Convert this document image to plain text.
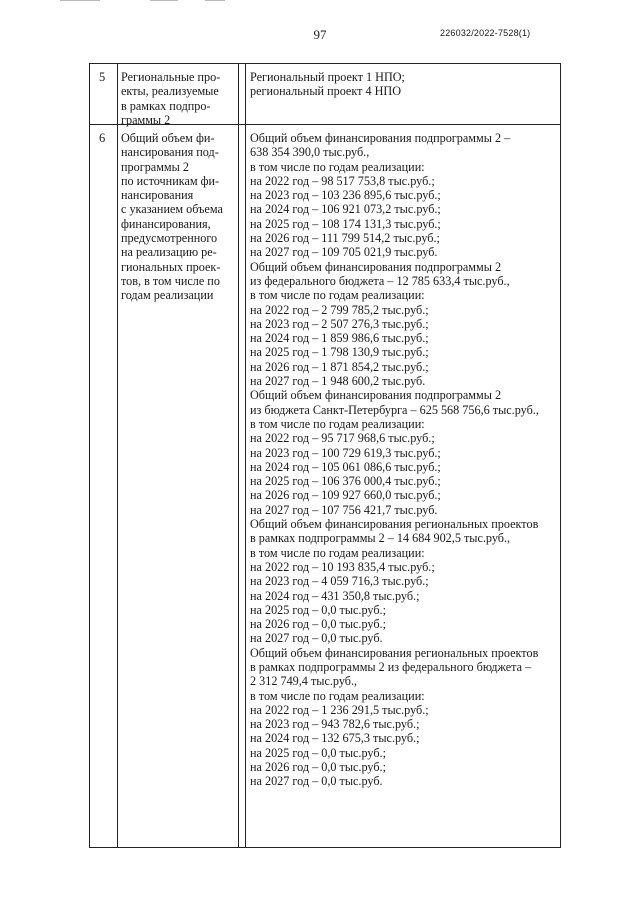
97	226032/2022-7528(1)
5 Региональные про-
екты, реализуемые
в рамках подпро-
граммы 2
Региональный проект 1 НПО;
региональный проект 4 НПО
6 Общий объем фи-
нансирования под-
программы 2
по источникам фи-
нансирования
с указанием объема
финансирования,
предусмотренного
на реализацию ре-
гиональных проек-
тов, в том числе по
годам реализации
Общий объем финансирования подпрограммы 2 –
638 354 390,0 тыс.руб.,
в том числе по годам реализации:
на 2022 год – 98 517 753,8 тыс.руб.;
на 2023 год – 103 236 895,6 тыс.руб.;
на 2024 год – 106 921 073,2 тыс.руб.;
на 2025 год – 108 174 131,3 тыс.руб.;
на 2026 год – 111 799 514,2 тыс.руб.;
на 2027 год – 109 705 021,9 тыс.руб.
Общий объем финансирования подпрограммы 2
из федерального бюджета – 12 785 633,4 тыс.руб.,
в том числе по годам реализации:
на 2022 год – 2 799 785,2 тыс.руб.;
на 2023 год – 2 507 276,3 тыс.руб.;
на 2024 год – 1 859 986,6 тыс.руб.;
на 2025 год – 1 798 130,9 тыс.руб.;
на 2026 год – 1 871 854,2 тыс.руб.;
на 2027 год – 1 948 600,2 тыс.руб.
Общий объем финансирования подпрограммы 2
из бюджета Санкт-Петербурга – 625 568 756,6 тыс.руб.,
в том числе по годам реализации:
на 2022 год – 95 717 968,6 тыс.руб.;
на 2023 год – 100 729 619,3 тыс.руб.;
на 2024 год – 105 061 086,6 тыс.руб.;
на 2025 год – 106 376 000,4 тыс.руб.;
на 2026 год – 109 927 660,0 тыс.руб.;
на 2027 год – 107 756 421,7 тыс.руб.
Общий объем финансирования региональных проектов
в рамках подпрограммы 2 – 14 684 902,5 тыс.руб.,
в том числе по годам реализации:
на 2022 год – 10 193 835,4 тыс.руб.;
на 2023 год – 4 059 716,3 тыс.руб.;
на 2024 год – 431 350,8 тыс.руб.;
на 2025 год – 0,0 тыс.руб.;
на 2026 год – 0,0 тыс.руб.;
на 2027 год – 0,0 тыс.руб.
Общий объем финансирования региональных проектов
в рамках подпрограммы 2 из федерального бюджета –
2 312 749,4 тыс.руб.,
в том числе по годам реализации:
на 2022 год – 1 236 291,5 тыс.руб.;
на 2023 год – 943 782,6 тыс.руб.;
на 2024 год – 132 675,3 тыс.руб.;
на 2025 год – 0,0 тыс.руб.;
на 2026 год – 0,0 тыс.руб.;
на 2027 год – 0,0 тыс.руб.
